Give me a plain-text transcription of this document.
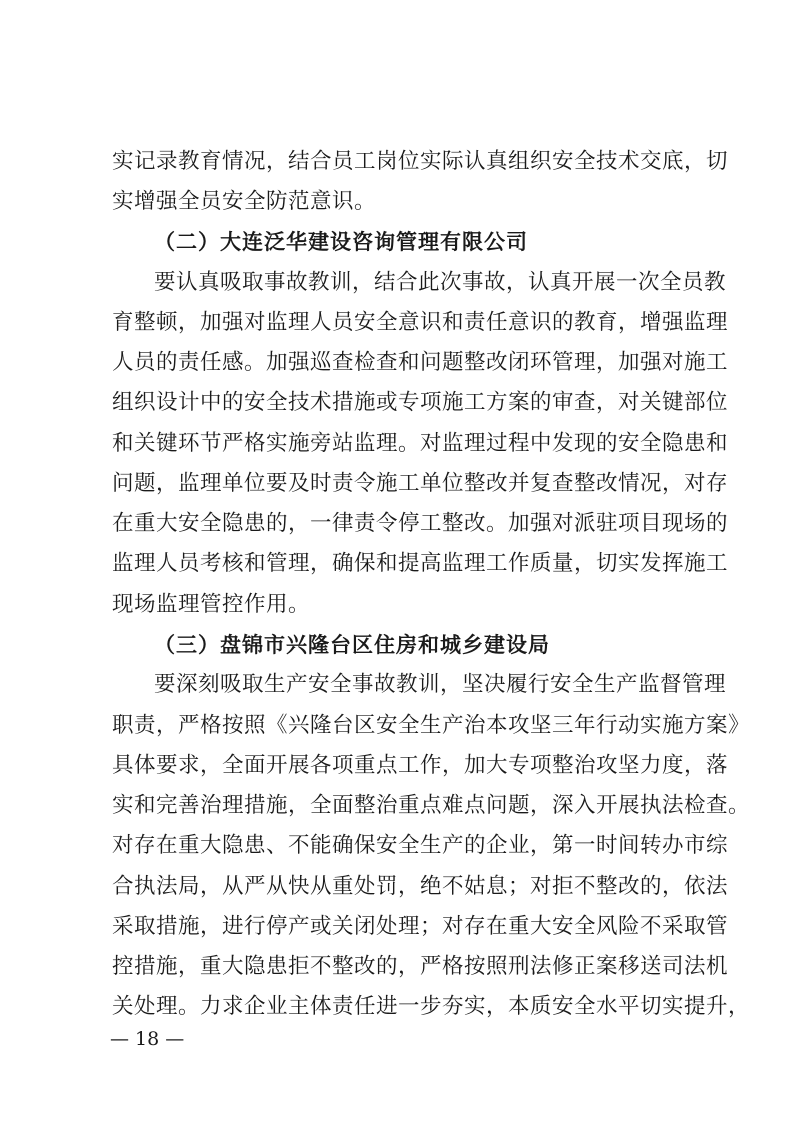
实记录教育情况，结合员工岗位实际认真组织安全技术交底，切
实增强全员安全防范意识。
（二）大连泛华建设咨询管理有限公司
要认真吸取事故教训，结合此次事故，认真开展一次全员教
育整顿，加强对监理人员安全意识和责任意识的教育，增强监理
人员的责任感。加强巡查检查和问题整改闭环管理，加强对施工
组织设计中的安全技术措施或专项施工方案的审查，对关键部位
和关键环节严格实施旁站监理。对监理过程中发现的安全隐患和
问题，监理单位要及时责令施工单位整改并复查整改情况，对存
在重大安全隐患的，一律责令停工整改。加强对派驻项目现场的
监理人员考核和管理，确保和提高监理工作质量，切实发挥施工
现场监理管控作用。
（三）盘锦市兴隆台区住房和城乡建设局
要深刻吸取生产安全事故教训，坚决履行安全生产监督管理
职责，严格按照《兴隆台区安全生产治本攻坚三年行动实施方案》
具体要求，全面开展各项重点工作，加大专项整治攻坚力度，落
实和完善治理措施，全面整治重点难点问题，深入开展执法检查。
对存在重大隐患、不能确保安全生产的企业，第一时间转办市综
合执法局，从严从快从重处罚，绝不姑息；对拒不整改的，依法
采取措施，进行停产或关闭处理；对存在重大安全风险不采取管
控措施，重大隐患拒不整改的，严格按照刑法修正案移送司法机
关处理。力求企业主体责任进一步夯实，本质安全水平切实提升，
— 18 —
